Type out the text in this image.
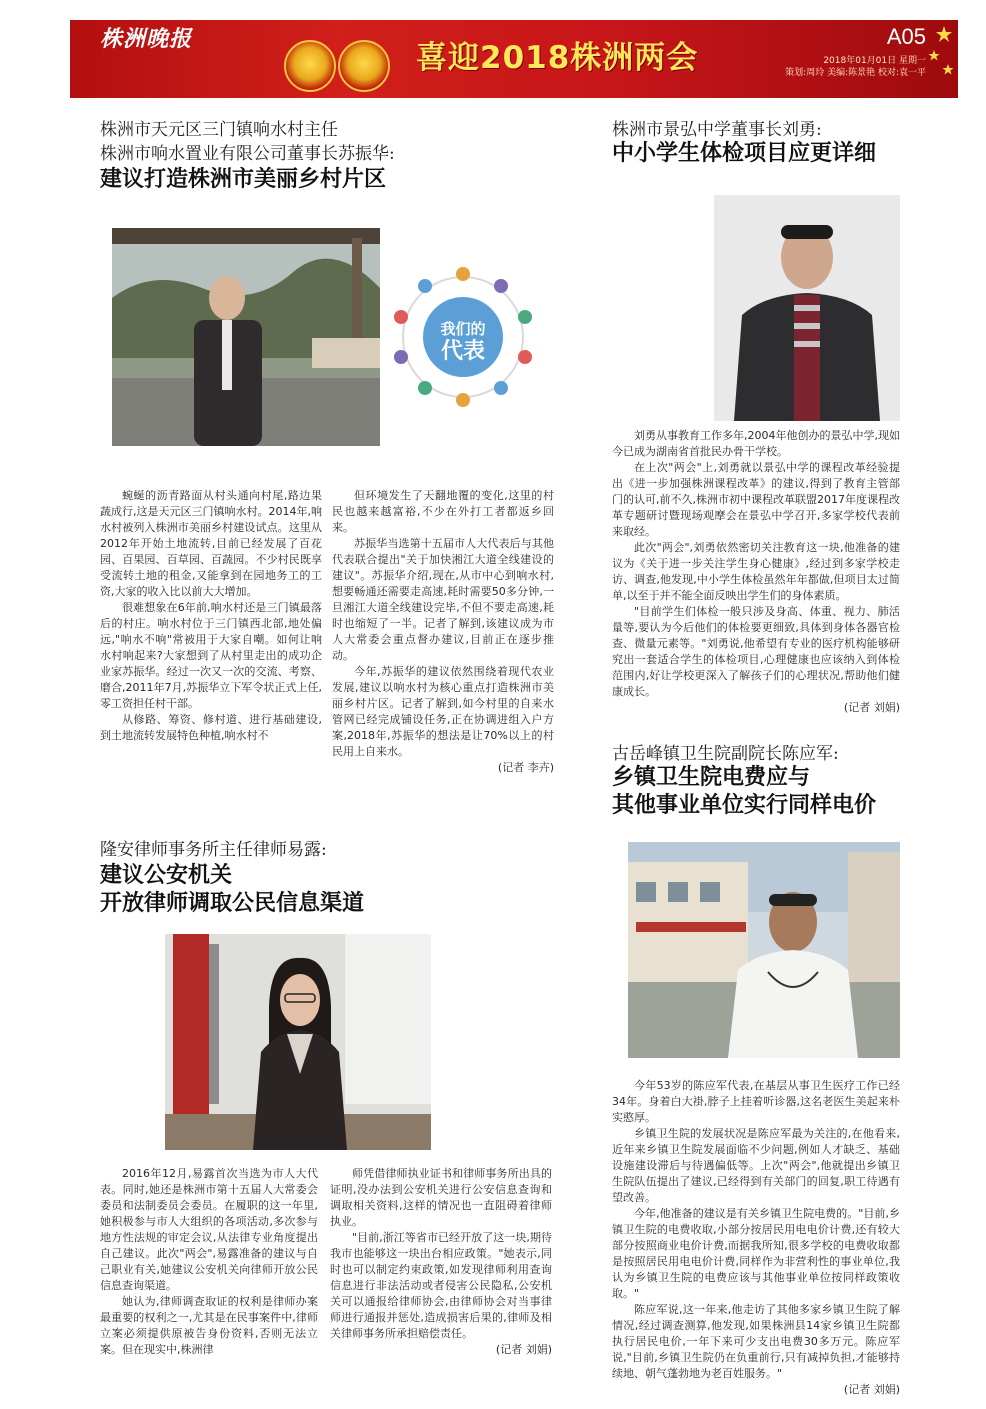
株洲晚报
喜迎2018株洲两会
A05
2018年01月01日 星期一
策划:周玲 美编:陈景艳 校对:袁一平
株洲市天元区三门镇响水村主任
株洲市响水置业有限公司董事长苏振华:
建议打造株洲市美丽乡村片区
我们的
代表

蜿蜒的沥青路面从村头通向村尾,路边果蔬成行,这是天元区三门镇响水村。2014年,响水村被列入株洲市美丽乡村建设试点。这里从2012年开始土地流转,目前已经发展了百花园、百果园、百草园、百蔬园。不少村民既享受流转土地的租金,又能拿到在园地务工的工资,大家的收入比以前大大增加。

很难想象在6年前,响水村还是三门镇最落后的村庄。响水村位于三门镇西北部,地处偏远,"响水不响"常被用于大家自嘲。如何让响水村响起来?大家想到了从村里走出的成功企业家苏振华。经过一次又一次的交流、考察、磨合,2011年7月,苏振华立下军令状正式上任,零工资担任村干部。

从修路、筹资、修村道、进行基础建设,到土地流转发展特色种植,响水村不

但环境发生了天翻地覆的变化,这里的村民也越来越富裕,不少在外打工者都返乡回来。

苏振华当选第十五届市人大代表后与其他代表联合提出"关于加快湘江大道全线建设的建议"。苏振华介绍,现在,从市中心到响水村,想要畅通还需要走高速,耗时需要50多分钟,一旦湘江大道全线建设完毕,不但不要走高速,耗时也缩短了一半。记者了解到,该建议成为市人大常委会重点督办建议,目前正在逐步推动。

今年,苏振华的建议依然围绕着现代农业发展,建议以响水村为核心重点打造株洲市美丽乡村片区。记者了解到,如今村里的自来水管网已经完成铺设任务,正在协调进组入户方案,2018年,苏振华的想法是让70%以上的村民用上自来水。

(记者 李卉)

株洲市景弘中学董事长刘勇:
中小学生体检项目应更详细

刘勇从事教育工作多年,2004年他创办的景弘中学,现如今已成为湖南省首批民办骨干学校。

在上次"两会"上,刘勇就以景弘中学的课程改革经验提出《进一步加强株洲课程改革》的建议,得到了教育主管部门的认可,前不久,株洲市初中课程改革联盟2017年度课程改革专题研讨暨现场观摩会在景弘中学召开,多家学校代表前来取经。

此次"两会",刘勇依然密切关注教育这一块,他准备的建议为《关于进一步关注学生身心健康》,经过到多家学校走访、调查,他发现,中小学生体检虽然年年都做,但项目太过简单,以至于并不能全面反映出学生们的身体素质。

"目前学生们体检一般只涉及身高、体重、视力、肺活量等,要认为今后他们的体检要更细致,具体到身体各器官检查、微量元素等。"刘勇说,他希望有专业的医疗机构能够研究出一套适合学生的体检项目,心理健康也应该纳入到体检范围内,好让学校更深入了解孩子们的心理状况,帮助他们健康成长。

(记者 刘娟)

古岳峰镇卫生院副院长陈应军:
乡镇卫生院电费应与
其他事业单位实行同样电价

今年53岁的陈应军代表,在基层从事卫生医疗工作已经34年。身着白大褂,脖子上挂着听诊器,这名老医生美起来朴实憨厚。

乡镇卫生院的发展状况是陈应军最为关注的,在他看来,近年来乡镇卫生院发展面临不少问题,例如人才缺乏、基础设施建设滞后与待遇偏低等。上次"两会",他就提出乡镇卫生院队伍提出了建议,已经得到有关部门的回复,职工待遇有望改善。

今年,他准备的建议是有关乡镇卫生院电费的。"目前,乡镇卫生院的电费收取,小部分按居民用电电价计费,还有较大部分按照商业电价计费,而据我所知,很多学校的电费收取都是按照居民用电电价计费,同样作为非营利性的事业单位,我认为乡镇卫生院的电费应该与其他事业单位按同样政策收取。"

陈应军说,这一年来,他走访了其他多家乡镇卫生院了解情况,经过调查测算,他发现,如果株洲县14家乡镇卫生院都执行居民电价,一年下来可少支出电费30多万元。陈应军说,"目前,乡镇卫生院仍在负重前行,只有减掉负担,才能够持续地、朝气蓬勃地为老百姓服务。"

(记者 刘娟)

隆安律师事务所主任律师易露:
建议公安机关
开放律师调取公民信息渠道

2016年12月,易露首次当选为市人大代表。同时,她还是株洲市第十五届人大常委会委员和法制委员会委员。在履职的这一年里,她积极参与市人大组织的各项活动,多次参与地方性法规的审定会议,从法律专业角度提出自己建议。此次"两会",易露准备的建议与自己职业有关,她建议公安机关向律师开放公民信息查询渠道。

她认为,律师调查取证的权利是律师办案最重要的权利之一,尤其是在民事案件中,律师立案必须提供原被告身份资料,否则无法立案。但在现实中,株洲律

师凭借律师执业证书和律师事务所出具的证明,没办法到公安机关进行公安信息查询和调取相关资料,这样的情况也一直阻碍着律师执业。

"目前,浙江等省市已经开放了这一块,期待我市也能够这一块出台相应政策。"她表示,同时也可以制定约束政策,如发现律师利用查询信息进行非法活动或者侵害公民隐私,公安机关可以通报给律师协会,由律师协会对当事律师进行通报并惩处,造成损害后果的,律师及相关律师事务所承担赔偿责任。

(记者 刘娟)
